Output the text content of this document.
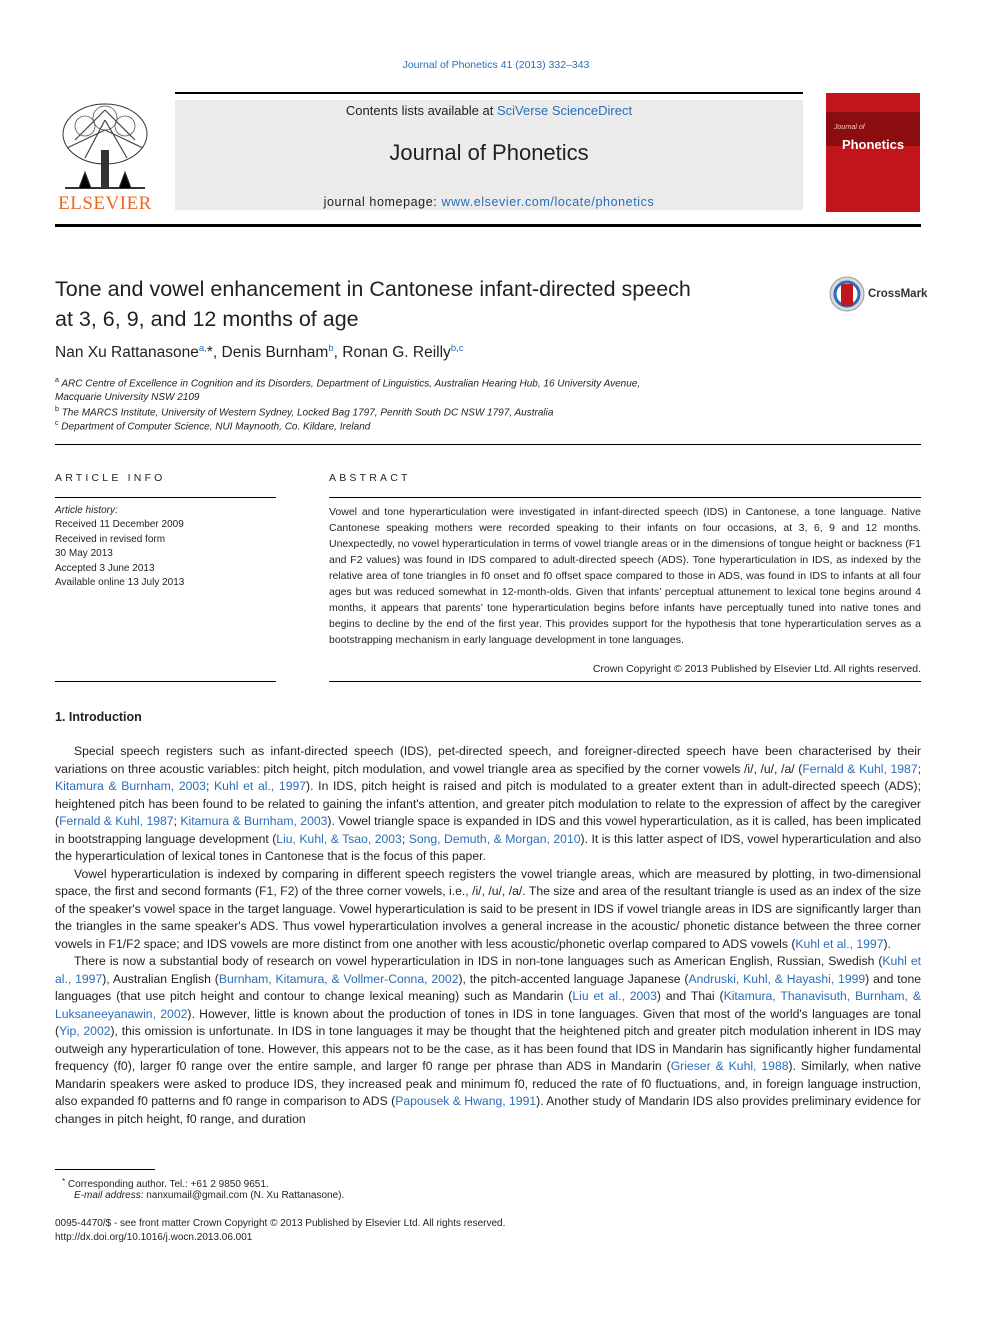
Journal of Phonetics 41 (2013) 332–343
ELSEVIER
Contents lists available at SciVerse ScienceDirect
Journal of Phonetics
journal homepage: www.elsevier.com/locate/phonetics
Journal of
Phonetics
Tone and vowel enhancement in Cantonese infant-directed speech
at 3, 6, 9, and 12 months of age
CrossMark
Nan Xu Rattanasone$^{a,}$*, Denis Burnham$^b$, Ronan G. Reilly$^{b,c}$
$^a$ ARC Centre of Excellence in Cognition and its Disorders, Department of Linguistics, Australian Hearing Hub, 16 University Avenue,
Macquarie University NSW 2109
$^b$ The MARCS Institute, University of Western Sydney, Locked Bag 1797, Penrith South DC NSW 1797, Australia
$^c$ Department of Computer Science, NUI Maynooth, Co. Kildare, Ireland
ARTICLE INFO
Article history:
Received 11 December 2009
Received in revised form
30 May 2013
Accepted 3 June 2013
Available online 13 July 2013
ABSTRACT
Vowel and tone hyperarticulation were investigated in infant-directed speech (IDS) in Cantonese, a tone language. Native Cantonese speaking mothers were recorded speaking to their infants on four occasions, at 3, 6, 9 and 12 months. Unexpectedly, no vowel hyperarticulation in terms of vowel triangle areas or in the dimensions of tongue height or backness (F1 and F2 values) was found in IDS compared to adult-directed speech (ADS). Tone hyperarticulation in IDS, as indexed by the relative area of tone triangles in f0 onset and f0 offset space compared to those in ADS, was found in IDS to infants at all four ages but was reduced somewhat in 12-month-olds. Given that infants’ perceptual attunement to lexical tone begins around 4 months, it appears that parents’ tone hyperarticulation begins before infants have perceptually tuned into native tones and begins to decline by the end of the first year. This provides support for the hypothesis that tone hyperarticulation serves as a bootstrapping mechanism in early language development in tone languages.
Crown Copyright © 2013 Published by Elsevier Ltd. All rights reserved.
1. Introduction

Special speech registers such as infant-directed speech (IDS), pet-directed speech, and foreigner-directed speech have been characterised by their variations on three acoustic variables: pitch height, pitch modulation, and vowel triangle area as specified by the corner vowels /i/, /u/, /a/ (Fernald & Kuhl, 1987; Kitamura & Burnham, 2003; Kuhl et al., 1997). In IDS, pitch height is raised and pitch is modulated to a greater extent than in adult-directed speech (ADS); heightened pitch has been found to be related to gaining the infant's attention, and greater pitch modulation to relate to the expression of affect by the caregiver (Fernald & Kuhl, 1987; Kitamura & Burnham, 2003). Vowel triangle space is expanded in IDS and this vowel hyperarticulation, as it is called, has been implicated in bootstrapping language development (Liu, Kuhl, & Tsao, 2003; Song, Demuth, & Morgan, 2010). It is this latter aspect of IDS, vowel hyperarticulation and also the hyperarticulation of lexical tones in Cantonese that is the focus of this paper.

Vowel hyperarticulation is indexed by comparing in different speech registers the vowel triangle areas, which are measured by plotting, in two-dimensional space, the first and second formants (F1, F2) of the three corner vowels, i.e., /i/, /u/, /a/. The size and area of the resultant triangle is used as an index of the size of the speaker's vowel space in the target language. Vowel hyperarticulation is said to be present in IDS if vowel triangle areas in IDS are significantly larger than the triangles in the same speaker's ADS. Thus vowel hyperarticulation involves a general increase in the acoustic/ phonetic distance between the three corner vowels in F1/F2 space; and IDS vowels are more distinct from one another with less acoustic/phonetic overlap compared to ADS vowels (Kuhl et al., 1997).

There is now a substantial body of research on vowel hyperarticulation in IDS in non-tone languages such as American English, Russian, Swedish (Kuhl et al., 1997), Australian English (Burnham, Kitamura, & Vollmer-Conna, 2002), the pitch-accented language Japanese (Andruski, Kuhl, & Hayashi, 1999) and tone languages (that use pitch height and contour to change lexical meaning) such as Mandarin (Liu et al., 2003) and Thai (Kitamura, Thanavisuth, Burnham, & Luksaneeyanawin, 2002). However, little is known about the production of tones in IDS in tone languages. Given that most of the world's languages are tonal (Yip, 2002), this omission is unfortunate. In IDS in tone languages it may be thought that the heightened pitch and greater pitch modulation inherent in IDS may outweigh any hyperarticulation of tone. However, this appears not to be the case, as it has been found that IDS in Mandarin has significantly higher fundamental frequency (f0), larger f0 range over the entire sample, and larger f0 range per phrase than ADS in Mandarin (Grieser & Kuhl, 1988). Similarly, when native Mandarin speakers were asked to produce IDS, they increased peak and minimum f0, reduced the rate of f0 fluctuations, and, in foreign language instruction, also expanded f0 patterns and f0 range in comparison to ADS (Papousek & Hwang, 1991). Another study of Mandarin IDS also provides preliminary evidence for changes in pitch height, f0 range, and duration

* Corresponding author. Tel.: +61 2 9850 9651.
E-mail address: nanxumail@gmail.com (N. Xu Rattanasone).
0095-4470/$ - see front matter Crown Copyright © 2013 Published by Elsevier Ltd. All rights reserved.
http://dx.doi.org/10.1016/j.wocn.2013.06.001
